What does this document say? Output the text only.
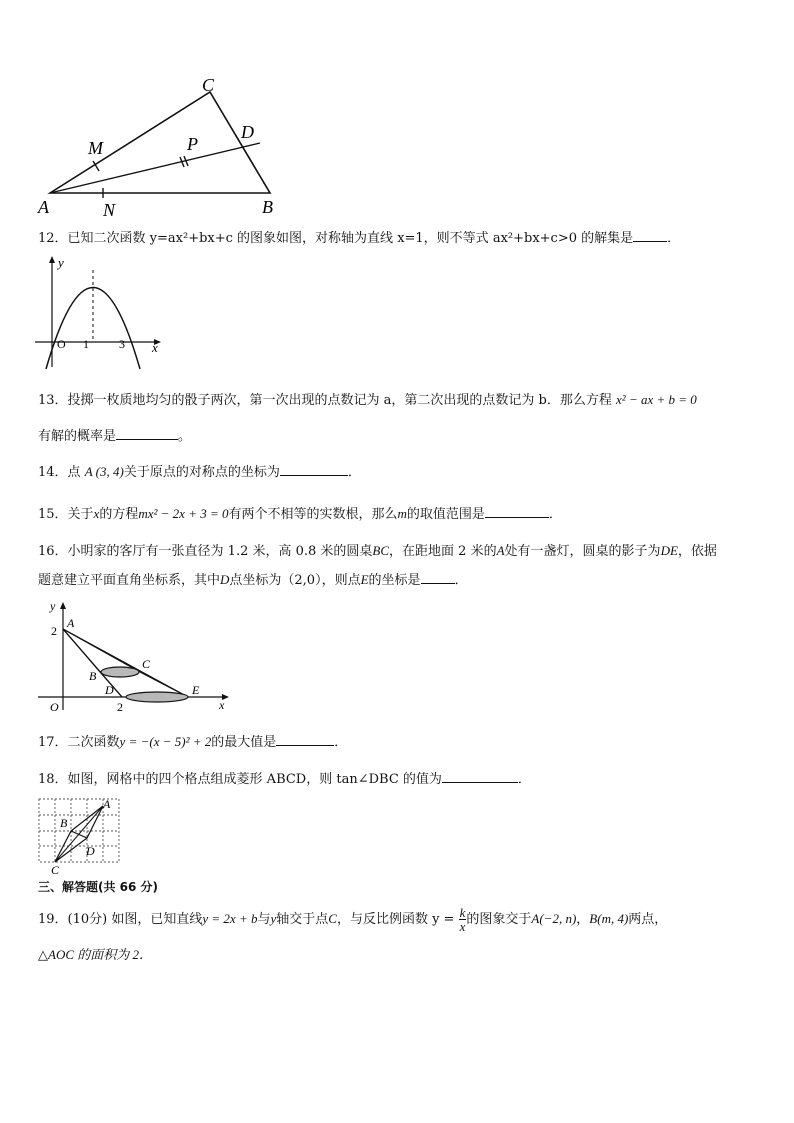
C
D
M	P
A	N	B
12．已知二次函数 y=ax²+bx+c 的图象如图，对称轴为直线 x=1，则不等式 ax²+bx+c>0 的解集是	．
y
x
O 1	3
13．投掷一枚质地均匀的骰子两次，第一次出现的点数记为 a，第二次出现的点数记为 b．那么方程 x² − ax + b = 0
有解的概率是	。
14．点 A (3, 4)关于原点的对称点的坐标为	．
15．关于x的方程mx² − 2x + 3 = 0有两个不相等的实数根，那么m的取值范围是	．
16．小明家的客厅有一张直径为 1.2 米，高 0.8 米的圆桌BC，在距地面 2 米的A处有一盏灯，圆桌的影子为DE，依据
题意建立平面直角坐标系，其中D点坐标为（2,0），则点E的坐标是	．
y
x
O
2
2
A
B
C
D	E
17．二次函数y = −(x − 5)² + 2的最大值是	．
18．如图，网格中的四个格点组成菱形 ABCD，则 tan∠DBC 的值为	．
A
B
C
D
三、解答题(共 66 分)
19．(10分) 如图，已知直线y = 2x + b与y轴交于点C，与反比例函数 $y = \frac{k}{x}$ 的图象交于A(−2, n)，B(m, 4)两点，
△AOC 的面积为 2．
